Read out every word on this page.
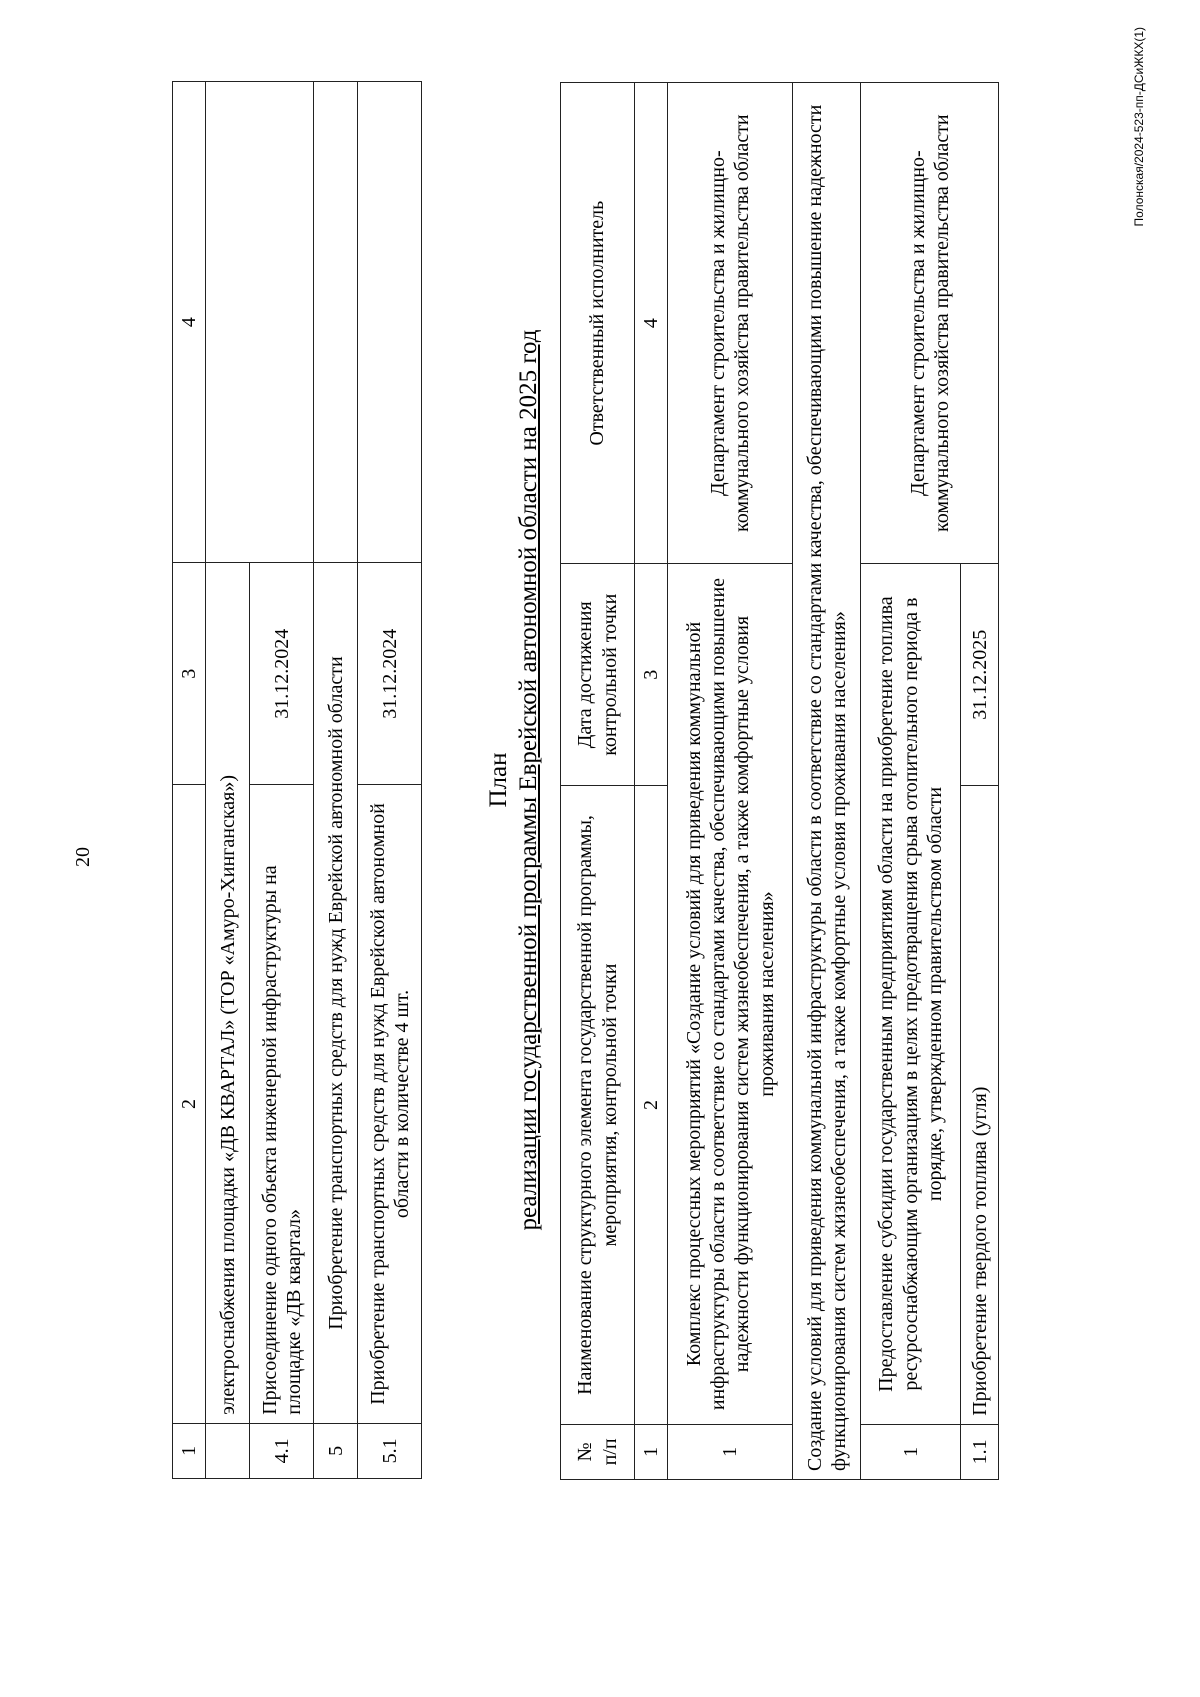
20
1	2	3	4
	электроснабжения площадки «ДВ КВАРТАЛ» (ТОР «Амуро-Хинганская»)		
4.1	Присоединение одного объекта инженерной инфраструктуры на площадке «ДВ квартал»	31.12.2024	
5	Приобретение транспортных средств для нужд Еврейской автономной области		
5.1	Приобретение транспортных средств для нужд Еврейской автономной области в количестве 4 шт.	31.12.2024	
План реализации государственной программы Еврейской автономной области на 2025 год
№ п/п	Наименование структурного элемента государственной программы, мероприятия, контрольной точки	Дата достижения контрольной точки	Ответственный исполнитель
1	2	3	4
1	Комплекс процессных мероприятий «Создание условий для приведения коммунальной инфраструктуры области в соответствие со стандартами качества, обеспечивающими повышение надежности функционирования систем жизнеобеспечения, а также комфортные условия проживания населения»		Департамент строительства и жилищно-коммунального хозяйства правительства области
Создание условий для приведения коммунальной инфраструктуры области в соответствие со стандартами качества, обеспечивающими повышение надежности функционирования систем жизнеобеспечения, а также комфортные условия проживания населения»			
1	Предоставление субсидии государственным предприятиям области на приобретение топлива ресурсоснабжающим организациям в целях предотвращения срыва отопительного периода в порядке, утвержденном правительством области		Департамент строительства и жилищно-коммунального хозяйства правительства области
1.1	Приобретение твердого топлива (угля)	31.12.2025	
Полонская/2024-523-пп-ДСиЖКХ(1)
